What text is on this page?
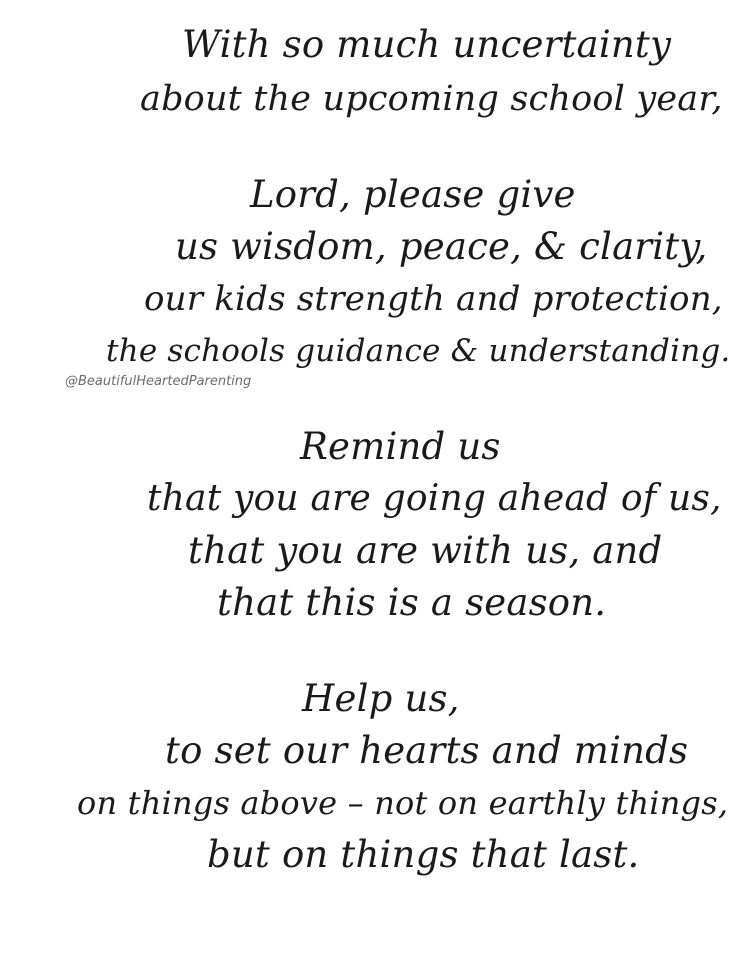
With so much uncertainty
about the upcoming school year,
Lord, please give
us wisdom, peace, & clarity,
our kids strength and protection,
the schools guidance & understanding.
@BeautifulHeartedParenting
Remind us
that you are going ahead of us,
that you are with us, and
that this is a season.
Help us,
to set our hearts and minds
on things above – not on earthly things,
but on things that last.
